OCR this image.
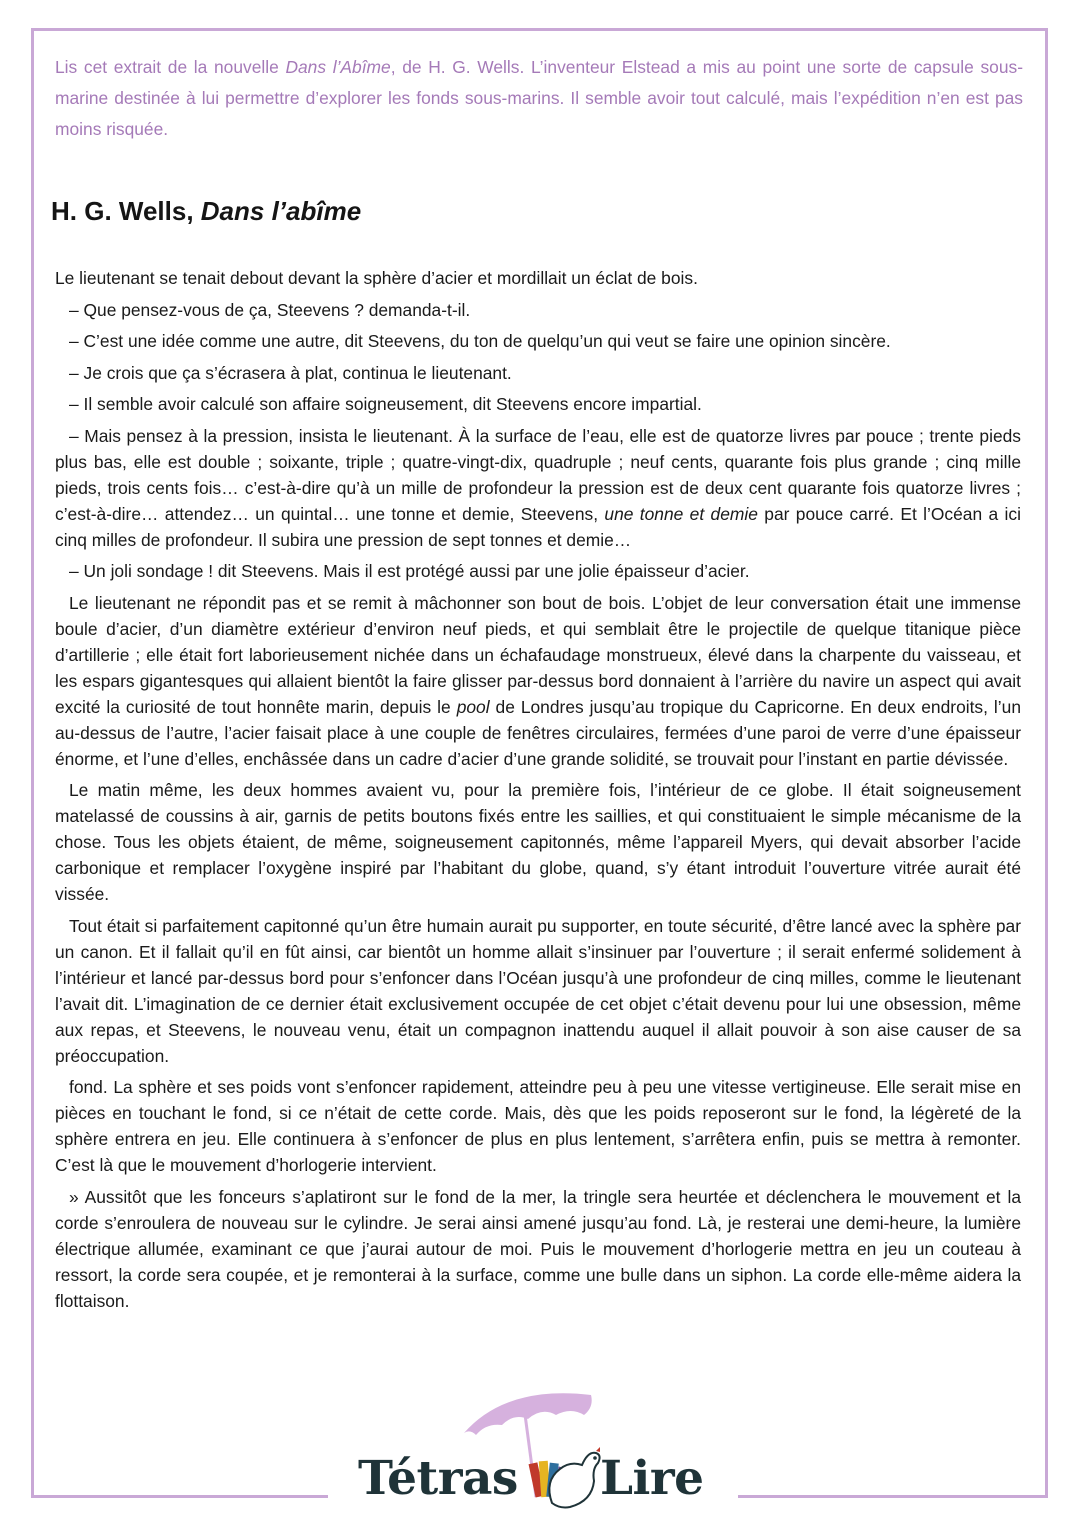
Lis cet extrait de la nouvelle Dans l’Abîme, de H. G. Wells. L’inventeur Elstead a mis au point une sorte de capsule sous-marine destinée à lui permettre d’explorer les fonds sous-marins. Il semble avoir tout calculé, mais l’expédition n’en est pas moins risquée.

H. G. Wells, Dans l’abîme

Le lieutenant se tenait debout devant la sphère d’acier et mordillait un éclat de bois.

– Que pensez-vous de ça, Steevens ? demanda-t-il.

– C’est une idée comme une autre, dit Steevens, du ton de quelqu’un qui veut se faire une opinion sincère.

– Je crois que ça s’écrasera à plat, continua le lieutenant.

– Il semble avoir calculé son affaire soigneusement, dit Steevens encore impartial.

– Mais pensez à la pression, insista le lieutenant. À la surface de l’eau, elle est de quatorze livres par pouce ; trente pieds plus bas, elle est double ; soixante, triple ; quatre-vingt-dix, quadruple ; neuf cents, quarante fois plus grande ; cinq mille pieds, trois cents fois… c’est-à-dire qu’à un mille de profondeur la pression est de deux cent quarante fois quatorze livres ; c’est-à-dire… attendez… un quintal… une tonne et demie, Steevens, une tonne et demie par pouce carré. Et l’Océan a ici cinq milles de profondeur. Il subira une pression de sept tonnes et demie…

– Un joli sondage ! dit Steevens. Mais il est protégé aussi par une jolie épaisseur d’acier.

Le lieutenant ne répondit pas et se remit à mâchonner son bout de bois. L’objet de leur conversation était une immense boule d’acier, d’un diamètre extérieur d’environ neuf pieds, et qui semblait être le projectile de quelque titanique pièce d’artillerie ; elle était fort laborieusement nichée dans un échafaudage monstrueux, élevé dans la charpente du vaisseau, et les espars gigantesques qui allaient bientôt la faire glisser par-dessus bord donnaient à l’arrière du navire un aspect qui avait excité la curiosité de tout honnête marin, depuis le pool de Londres jusqu’au tropique du Capricorne. En deux endroits, l’un au-dessus de l’autre, l’acier faisait place à une couple de fenêtres circulaires, fermées d’une paroi de verre d’une épaisseur énorme, et l’une d’elles, enchâssée dans un cadre d’acier d’une grande solidité, se trouvait pour l’instant en partie dévissée.

Le matin même, les deux hommes avaient vu, pour la première fois, l’intérieur de ce globe. Il était soigneusement matelassé de coussins à air, garnis de petits boutons fixés entre les saillies, et qui constituaient le simple mécanisme de la chose. Tous les objets étaient, de même, soigneusement capitonnés, même l’appareil Myers, qui devait absorber l’acide carbonique et remplacer l’oxygène inspiré par l’habitant du globe, quand, s’y étant introduit l’ouverture vitrée aurait été vissée.

Tout était si parfaitement capitonné qu’un être humain aurait pu supporter, en toute sécurité, d’être lancé avec la sphère par un canon. Et il fallait qu’il en fût ainsi, car bientôt un homme allait s’insinuer par l’ouverture ; il serait enfermé solidement à l’intérieur et lancé par-dessus bord pour s’enfoncer dans l’Océan jusqu’à une profondeur de cinq milles, comme le lieutenant l’avait dit. L’imagination de ce dernier était exclusivement occupée de cet objet c’était devenu pour lui une obsession, même aux repas, et Steevens, le nouveau venu, était un compagnon inattendu auquel il allait pouvoir à son aise causer de sa préoccupation.

fond. La sphère et ses poids vont s’enfoncer rapidement, atteindre peu à peu une vitesse vertigineuse. Elle serait mise en pièces en touchant le fond, si ce n’était de cette corde. Mais, dès que les poids reposeront sur le fond, la légèreté de la sphère entrera en jeu. Elle continuera à s’enfoncer de plus en plus lentement, s’arrêtera enfin, puis se mettra à remonter. C’est là que le mouvement d’horlogerie intervient.

» Aussitôt que les fonceurs s’aplatiront sur le fond de la mer, la tringle sera heurtée et déclenchera le mouvement et la corde s’enroulera de nouveau sur le cylindre. Je serai ainsi amené jusqu’au fond. Là, je resterai une demi-heure, la lumière électrique allumée, examinant ce que j’aurai autour de moi. Puis le mouvement d’horlogerie mettra en jeu un couteau à ressort, la corde sera coupée, et je remonterai à la surface, comme une bulle dans un siphon. La corde elle-même aidera la flottaison.

Tétras Lire
